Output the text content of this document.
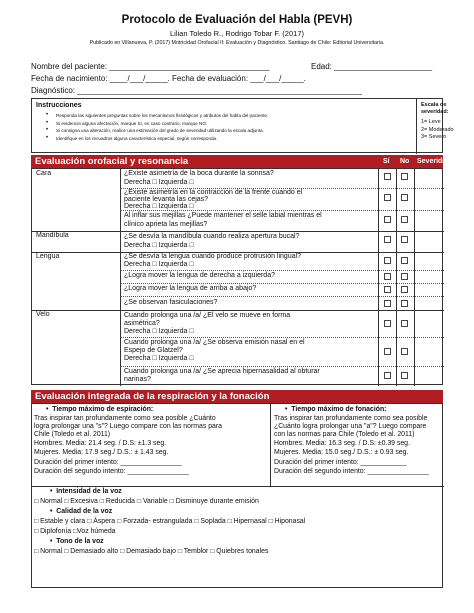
Protocolo de Evaluación del Habla (PEVH)
Lilian Toledo R., Rodrigo Tobar F. (2017)
Publicado en Villanueva, P. (2017) Motricidad Orofacial II: Evaluación y Diagnóstico. Santiago de Chile: Editorial Universitaria.
Nombre del paciente: ____________________________________	Edad: ______________________
Fecha de nacimiento: ____/___/_____. Fecha de evaluación: ___/___/_____.
Diagnóstico: ________________________________________________________________
Instrucciones
• Responda las siguientes preguntas sobre los mecanismos fisiológicos y atributos del habla del paciente.
• Si evidencia alguna afectación, marque Sí, en caso contrario, marque NO.
• Si consigna una alteración, realice una estimación del grado de severidad utilizando la escala adjunta.
• Identifique en los recuadros alguna característica especial, según corresponda.
Escala de
severidad:
1= Leve
2= Moderado
3= Severo
Evaluación orofacial y resonancia	Sí No Severidad
Cara
Mandíbula
Lengua
Velo
¿Existe asimetría de la boca durante la sonrisa?
Derecha □ Izquierda □
¿Existe asimetría en la contracción de la frente cuando el
paciente levanta las cejas?
Derecha □ Izquierda □
Al inflar sus mejillas ¿Puede mantener el selle labial mientras el
clínico aprieta las mejillas?
¿Se desvía la mandíbula cuando realiza apertura bucal?
Derecha □ Izquierda □
¿Se desvía la lengua cuando produce protrusión lingual?
Derecha □ Izquierda □
¿Logra mover la lengua de derecha a izquierda?
¿Logra mover la lengua de arriba a abajo?
¿Se observan fasiculaciones?
Cuando prolonga una /a/ ¿El velo se mueve en forma
asimétrica?
Derecha □ Izquierda □
Cuando prolonga una /a/ ¿Se observa emisión nasal en el
Espejo de Glatzel?
Derecha □ Izquierda □
Cuando prolonga una /a/ ¿Se aprecia hipernasalidad al obturar
narinas?
Evaluación integrada de la respiración y la fonación
•  Tiempo máximo de espiración:
Tras inspirar tan profundamente como sea posible ¿Cuánto
logra prolongar una "s"? Luego compare con las normas para
Chile (Toledo et al. 2011)
Hombres. Media: 21.4 seg. / D.S: ±1.3 seg.
Mujeres. Media: 17.9 seg./ D.S.: ± 1.43 seg.
Duración del primer intento: ________________
Duración del segundo intento: ________________
•  Tiempo máximo de fonación:
Tras inspirar tan profundamente como sea posible
¿Cuánto logra prolongar una "a"? Luego compare
con las normas para Chile (Toledo et al. 2011)
Hombres. Media: 16.3 seg. / D.S: ±0.39 seg.
Mujeres. Media: 15.0 seg./ D.S.: ± 0.93 seg.
Duración del primer intento: ____________
Duración del segundo intento: ________________
•  Intensidad de la voz
□ Normal □ Excesiva □ Reducida □ Variable □ Disminuye durante emisión
•  Calidad de la voz
□ Estable y clara □ Áspera □ Forzada- estrangulada □ Soplada □ Hipernasal □ Hiponasal
□ Diplofonía □Voz húmeda
•  Tono de la voz
□ Normal □ Demasiado alto □ Demasiado bajo □ Temblor □ Quiebres tonales
